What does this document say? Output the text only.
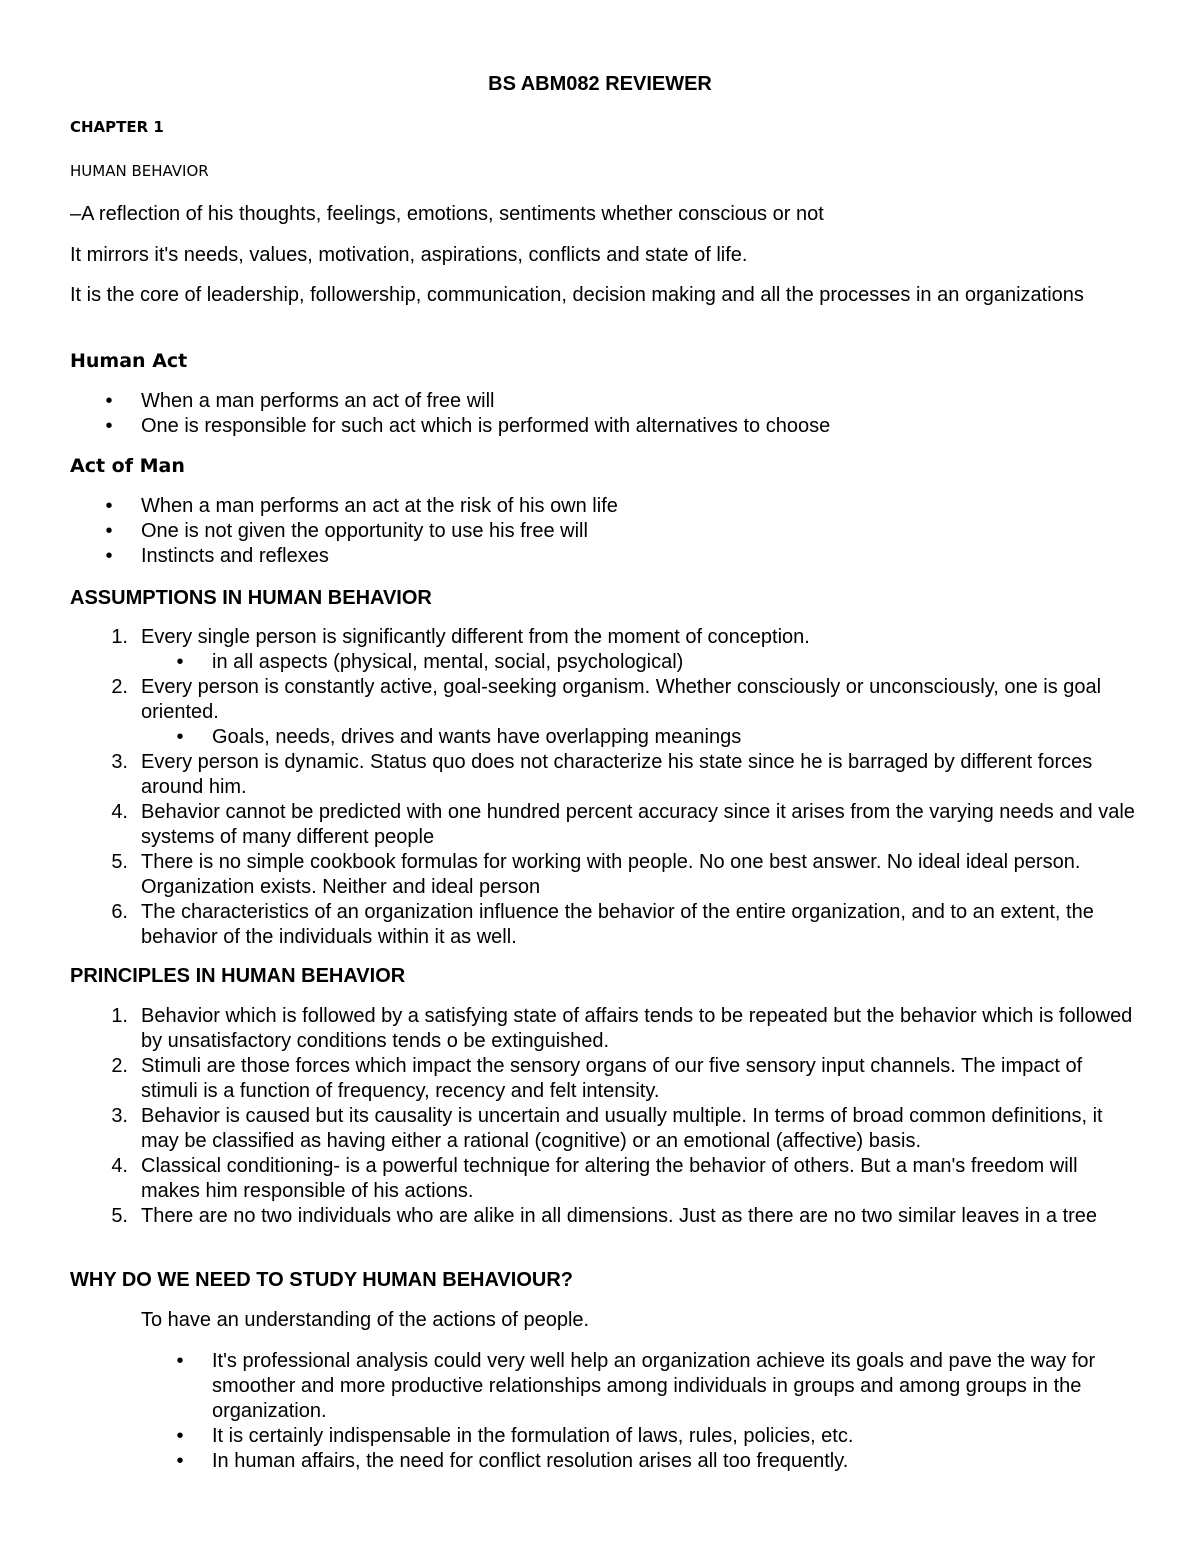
BS ABM082 REVIEWER
CHAPTER 1
HUMAN BEHAVIOR
–A reflection of his thoughts, feelings, emotions, sentiments whether conscious or not
It mirrors it's needs, values, motivation, aspirations, conflicts and state of life.
It is the core of leadership, followership, communication, decision making and all the processes in an organizations
Human Act
• When a man performs an act of free will
• One is responsible for such act which is performed with alternatives to choose
Act of Man
• When a man performs an act at the risk of his own life
• One is not given the opportunity to use his free will
• Instincts and reflexes
ASSUMPTIONS IN HUMAN BEHAVIOR
1. Every single person is significantly different from the moment of conception.
• in all aspects (physical, mental, social, psychological)
2. Every person is constantly active, goal-seeking organism. Whether consciously or unconsciously, one is goal oriented.
• Goals, needs, drives and wants have overlapping meanings
3. Every person is dynamic. Status quo does not characterize his state since he is barraged by different forces around him.
4. Behavior cannot be predicted with one hundred percent accuracy since it arises from the varying needs and vale systems of many different people
5. There is no simple cookbook formulas for working with people. No one best answer. No ideal ideal person. Organization exists. Neither and ideal person
6. The characteristics of an organization influence the behavior of the entire organization, and to an extent, the behavior of the individuals within it as well.
PRINCIPLES IN HUMAN BEHAVIOR
1. Behavior which is followed by a satisfying state of affairs tends to be repeated but the behavior which is followed by unsatisfactory conditions tends o be extinguished.
2. Stimuli are those forces which impact the sensory organs of our five sensory input channels. The impact of stimuli is a function of frequency, recency and felt intensity.
3. Behavior is caused but its causality is uncertain and usually multiple. In terms of broad common definitions, it may be classified as having either a rational (cognitive) or an emotional (affective) basis.
4. Classical conditioning- is a powerful technique for altering the behavior of others. But a man's freedom will makes him responsible of his actions.
5. There are no two individuals who are alike in all dimensions. Just as there are no two similar leaves in a tree
WHY DO WE NEED TO STUDY HUMAN BEHAVIOUR?
To have an understanding of the actions of people.
• It's professional analysis could very well help an organization achieve its goals and pave the way for smoother and more productive relationships among individuals in groups and among groups in the organization.
• It is certainly indispensable in the formulation of laws, rules, policies, etc.
• In human affairs, the need for conflict resolution arises all too frequently.
